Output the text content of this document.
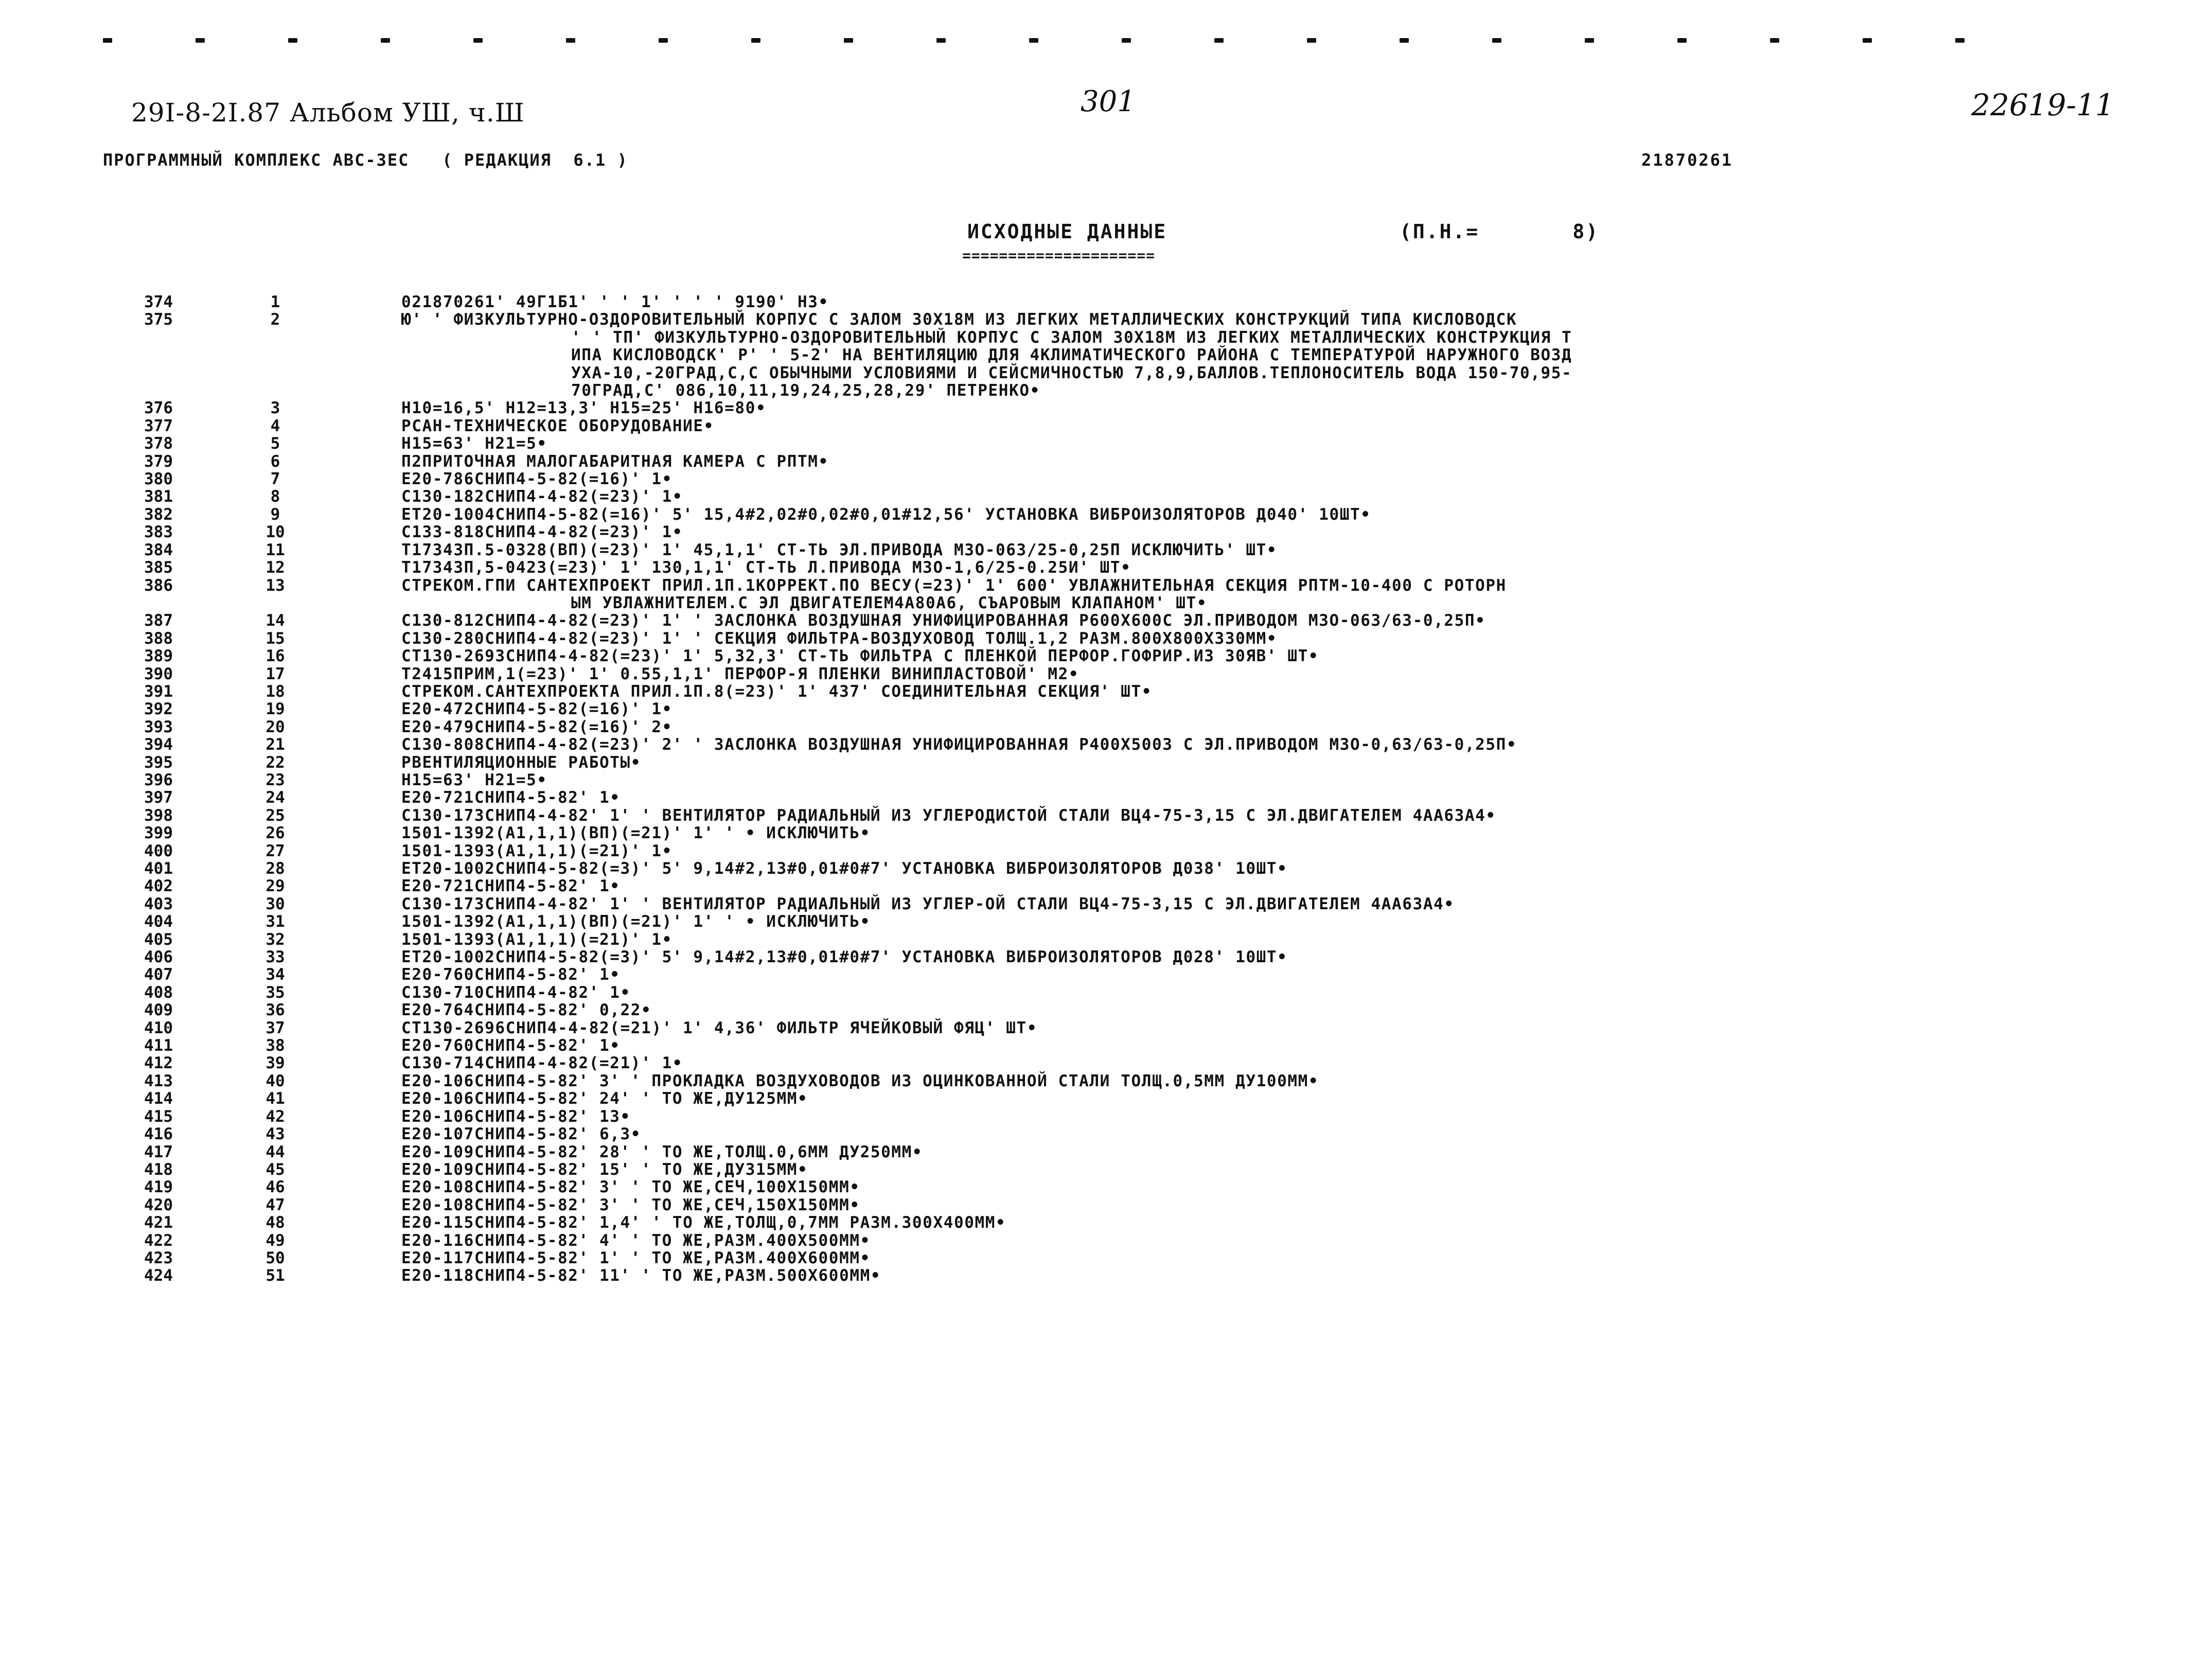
29I-8-2I.87 Альбом УШ, ч.Ш	301	22619-11
ПРОГРАММНЫЙ КОМПЛЕКС АВС-ЗЕС   ( РЕДАКЦИЯ  6.1 )	21870261
ИСХОДНЫЕ ДАННЫЕ
=====================
(П.Н.=       8)
374	1	021870261' 49Г1Б1' ' ' 1' ' ' ' 9190' Н3•
375	2	Ю' ' ФИЗКУЛЬТУРНО-ОЗДОРОВИТЕЛЬНЫЙ КОРПУС С ЗАЛОМ 30Х18М ИЗ ЛЕГКИХ МЕТАЛЛИЧЕСКИХ КОНСТРУКЦИЙ ТИПА КИСЛОВОДСК
' ' ТП' ФИЗКУЛЬТУРНО-ОЗДОРОВИТЕЛЬНЫЙ КОРПУС С ЗАЛОМ 30Х18М ИЗ ЛЕГКИХ МЕТАЛЛИЧЕСКИХ КОНСТРУКЦИЯ Т
ИПА КИСЛОВОДСК' Р' ' 5-2' НА ВЕНТИЛЯЦИЮ ДЛЯ 4КЛИМАТИЧЕСКОГО РАЙОНА С ТЕМПЕРАТУРОЙ НАРУЖНОГО ВОЗД
УХА-10,-20ГРАД,С,С ОБЫЧНЫМИ УСЛОВИЯМИ И СЕЙСМИЧНОСТЬЮ 7,8,9,БАЛЛОВ.ТЕПЛОНОСИТЕЛЬ ВОДА 150-70,95-
70ГРАД,С' 086,10,11,19,24,25,28,29' ПЕТРЕНКО•
376	3	Н10=16,5' Н12=13,3' Н15=25' Н16=80•
377	4	РСАН-ТЕХНИЧЕСКОЕ ОБОРУДОВАНИЕ•
378	5	Н15=63' Н21=5•
379	6	П2ПРИТОЧНАЯ МАЛОГАБАРИТНАЯ КАМЕРА С РПТМ•
380	7	Е20-786СНИП4-5-82(=16)' 1•
381	8	С130-182СНИП4-4-82(=23)' 1•
382	9	ЕТ20-1004СНИП4-5-82(=16)' 5' 15,4#2,02#0,02#0,01#12,56' УСТАНОВКА ВИБРОИЗОЛЯТОРОВ Д040' 10ШТ•
383	10	С133-818СНИП4-4-82(=23)' 1•
384	11	Т17343П.5-0328(ВП)(=23)' 1' 45,1,1' СТ-ТЬ ЭЛ.ПРИВОДА МЗО-063/25-0,25П ИСКЛЮЧИТЬ' ШТ•
385	12	Т17343П,5-0423(=23)' 1' 130,1,1' СТ-ТЬ Л.ПРИВОДА МЗО-1,6/25-0.25И' ШТ•
386	13	СТРЕКОМ.ГПИ САНТЕХПРОЕКТ ПРИЛ.1П.1КОРРЕКТ.ПО ВЕСУ(=23)' 1' 600' УВЛАЖНИТЕЛЬНАЯ СЕКЦИЯ РПТМ-10-400 С РОТОРН
ЫМ УВЛАЖНИТЕЛЕМ.С ЭЛ ДВИГАТЕЛЕМ4А80А6, СЪАРОВЫМ КЛАПАНОМ' ШТ•
387	14	С130-812СНИП4-4-82(=23)' 1' ' ЗАСЛОНКА ВОЗДУШНАЯ УНИФИЦИРОВАННАЯ Р600Х600С ЭЛ.ПРИВОДОМ МЗО-063/63-0,25П•
388	15	С130-280СНИП4-4-82(=23)' 1' ' СЕКЦИЯ ФИЛЬТРА-ВОЗДУХОВОД ТОЛЩ.1,2 РАЗМ.800Х800Х330ММ•
389	16	СТ130-2693СНИП4-4-82(=23)' 1' 5,32,3' СТ-ТЬ ФИЛЬТРА С ПЛЕНКОЙ ПЕРФОР.ГОФРИР.ИЗ 30ЯВ' ШТ•
390	17	Т2415ПРИМ,1(=23)' 1' 0.55,1,1' ПЕРФОР-Я ПЛЕНКИ ВИНИПЛАСТОВОЙ' М2•
391	18	СТРЕКОМ.САНТЕХПРОЕКТА ПРИЛ.1П.8(=23)' 1' 437' СОЕДИНИТЕЛЬНАЯ СЕКЦИЯ' ШТ•
392	19	Е20-472СНИП4-5-82(=16)' 1•
393	20	Е20-479СНИП4-5-82(=16)' 2•
394	21	С130-808СНИП4-4-82(=23)' 2' ' ЗАСЛОНКА ВОЗДУШНАЯ УНИФИЦИРОВАННАЯ Р400Х5003 С ЭЛ.ПРИВОДОМ МЗО-0,63/63-0,25П•
395	22	РВЕНТИЛЯЦИОННЫЕ РАБОТЫ•
396	23	Н15=63' Н21=5•
397	24	Е20-721СНИП4-5-82' 1•
398	25	С130-173СНИП4-4-82' 1' ' ВЕНТИЛЯТОР РАДИАЛЬНЫЙ ИЗ УГЛЕРОДИСТОЙ СТАЛИ ВЦ4-75-3,15 С ЭЛ.ДВИГАТЕЛЕМ 4АА63А4•
399	26	1501-1392(А1,1,1)(ВП)(=21)' 1' ' • ИСКЛЮЧИТЬ•
400	27	1501-1393(А1,1,1)(=21)' 1•
401	28	ЕТ20-1002СНИП4-5-82(=3)' 5' 9,14#2,13#0,01#0#7' УСТАНОВКА ВИБРОИЗОЛЯТОРОВ Д038' 10ШТ•
402	29	Е20-721СНИП4-5-82' 1•
403	30	С130-173СНИП4-4-82' 1' ' ВЕНТИЛЯТОР РАДИАЛЬНЫЙ ИЗ УГЛЕР-ОЙ СТАЛИ ВЦ4-75-3,15 С ЭЛ.ДВИГАТЕЛЕМ 4АА63А4•
404	31	1501-1392(А1,1,1)(ВП)(=21)' 1' ' • ИСКЛЮЧИТЬ•
405	32	1501-1393(А1,1,1)(=21)' 1•
406	33	ЕТ20-1002СНИП4-5-82(=3)' 5' 9,14#2,13#0,01#0#7' УСТАНОВКА ВИБРОИЗОЛЯТОРОВ Д028' 10ШТ•
407	34	Е20-760СНИП4-5-82' 1•
408	35	С130-710СНИП4-4-82' 1•
409	36	Е20-764СНИП4-5-82' 0,22•
410	37	СТ130-2696СНИП4-4-82(=21)' 1' 4,36' ФИЛЬТР ЯЧЕЙКОВЫЙ ФЯЦ' ШТ•
411	38	Е20-760СНИП4-5-82' 1•
412	39	С130-714СНИП4-4-82(=21)' 1•
413	40	Е20-106СНИП4-5-82' 3' ' ПРОКЛАДКА ВОЗДУХОВОДОВ ИЗ ОЦИНКОВАННОЙ СТАЛИ ТОЛЩ.0,5ММ ДУ100ММ•
414	41	Е20-106СНИП4-5-82' 24' ' ТО ЖЕ,ДУ125ММ•
415	42	Е20-106СНИП4-5-82' 13•
416	43	Е20-107СНИП4-5-82' 6,3•
417	44	Е20-109СНИП4-5-82' 28' ' ТО ЖЕ,ТОЛЩ.0,6ММ ДУ250ММ•
418	45	Е20-109СНИП4-5-82' 15' ' ТО ЖЕ,ДУ315ММ•
419	46	Е20-108СНИП4-5-82' 3' ' ТО ЖЕ,СЕЧ,100Х150ММ•
420	47	Е20-108СНИП4-5-82' 3' ' ТО ЖЕ,СЕЧ,150Х150ММ•
421	48	Е20-115СНИП4-5-82' 1,4' ' ТО ЖЕ,ТОЛЩ,0,7ММ РАЗМ.300Х400ММ•
422	49	Е20-116СНИП4-5-82' 4' ' ТО ЖЕ,РАЗМ.400Х500ММ•
423	50	Е20-117СНИП4-5-82' 1' ' ТО ЖЕ,РАЗМ.400Х600ММ•
424	51	Е20-118СНИП4-5-82' 11' ' ТО ЖЕ,РАЗМ.500Х600ММ•
